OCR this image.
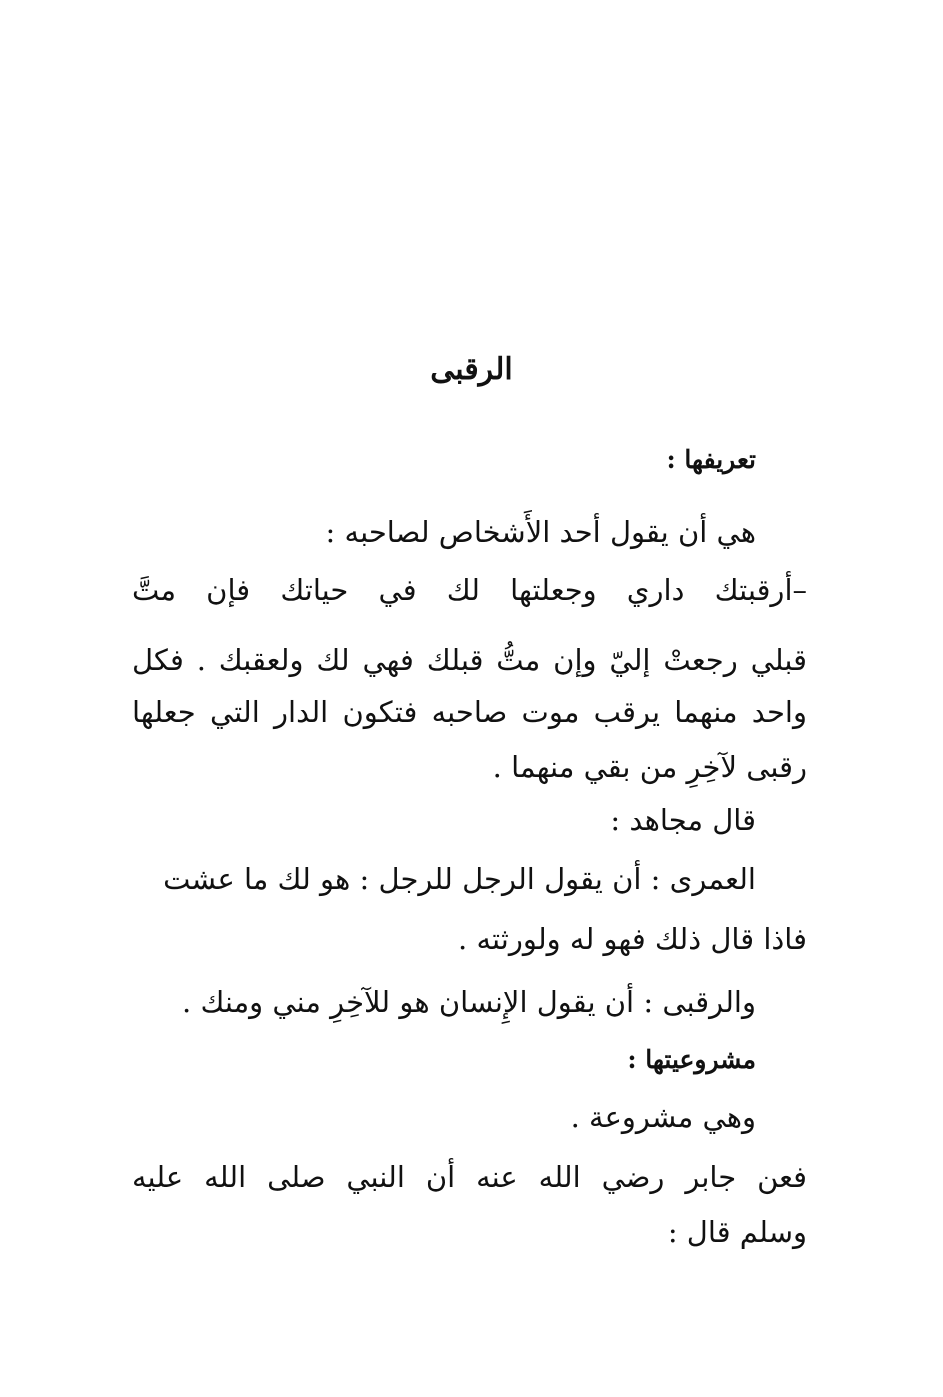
الرقبى
تعريفها :
هي أن يقول أحد الأَشخاص لصاحبه :
–أرقبتك داري وجعلتها لك في حياتك فإن متَّ
قبلي رجعتْ إليّ وإن متُّ قبلك فهي لك ولعقبك . فكل
واحد منهما يرقب موت صاحبه فتكون الدار التي جعلها
رقبى لآخِرِ من بقي منهما .
قال مجاهد :
العمرى : أن يقول الرجل للرجل : هو لك ما عشت
فاذا قال ذلك فهو له ولورثته .
والرقبى : أن يقول الإِنسان هو للآخِرِ مني ومنك .
مشروعيتها :
وهي مشروعة .
فعن جابر رضي الله عنه أن النبي صلى الله عليه
وسلم قال :
